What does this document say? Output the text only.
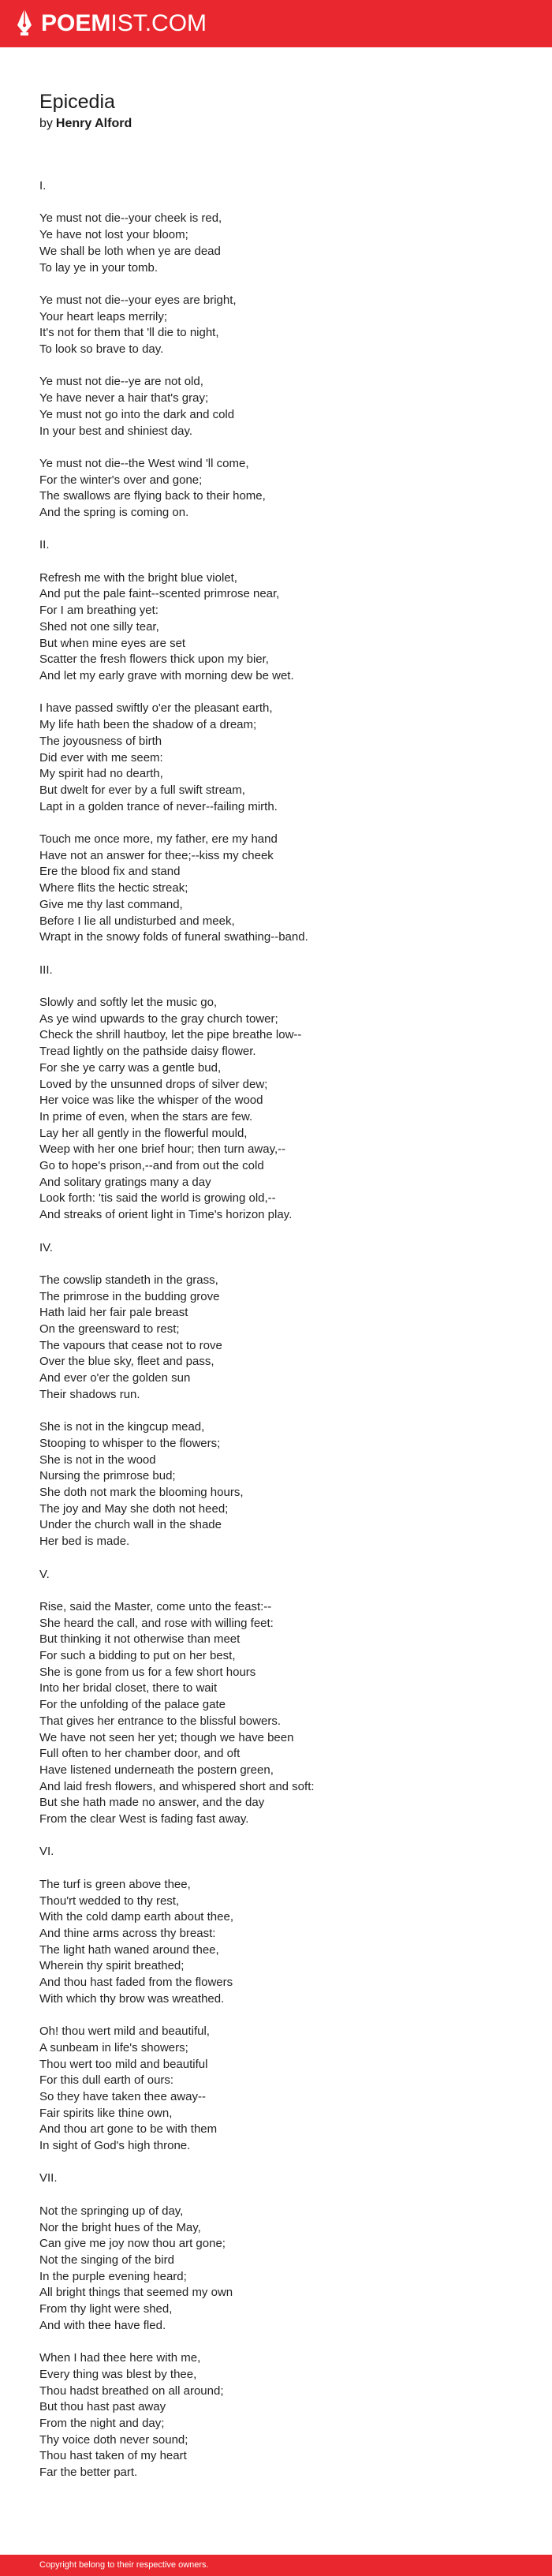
POEMIST.COM
Epicedia
by Henry Alford
I.
Ye must not die--your cheek is red,
Ye have not lost your bloom;
We shall be loth when ye are dead
To lay ye in your tomb.
Ye must not die--your eyes are bright,
Your heart leaps merrily;
It's not for them that 'll die to night,
To look so brave to day.
Ye must not die--ye are not old,
Ye have never a hair that's gray;
Ye must not go into the dark and cold
In your best and shiniest day.
Ye must not die--the West wind 'll come,
For the winter's over and gone;
The swallows are flying back to their home,
And the spring is coming on.
II.
Refresh me with the bright blue violet,
And put the pale faint--scented primrose near,
For I am breathing yet:
Shed not one silly tear,
But when mine eyes are set
Scatter the fresh flowers thick upon my bier,
And let my early grave with morning dew be wet.
I have passed swiftly o'er the pleasant earth,
My life hath been the shadow of a dream;
The joyousness of birth
Did ever with me seem:
My spirit had no dearth,
But dwelt for ever by a full swift stream,
Lapt in a golden trance of never--failing mirth.
Touch me once more, my father, ere my hand
Have not an answer for thee;--kiss my cheek
Ere the blood fix and stand
Where flits the hectic streak;
Give me thy last command,
Before I lie all undisturbed and meek,
Wrapt in the snowy folds of funeral swathing--band.
III.
Slowly and softly let the music go,
As ye wind upwards to the gray church tower;
Check the shrill hautboy, let the pipe breathe low--
Tread lightly on the pathside daisy flower.
For she ye carry was a gentle bud,
Loved by the unsunned drops of silver dew;
Her voice was like the whisper of the wood
In prime of even, when the stars are few.
Lay her all gently in the flowerful mould,
Weep with her one brief hour; then turn away,--
Go to hope's prison,--and from out the cold
And solitary gratings many a day
Look forth: 'tis said the world is growing old,--
And streaks of orient light in Time's horizon play.
IV.
The cowslip standeth in the grass,
The primrose in the budding grove
Hath laid her fair pale breast
On the greensward to rest;
The vapours that cease not to rove
Over the blue sky, fleet and pass,
And ever o'er the golden sun
Their shadows run.
She is not in the kingcup mead,
Stooping to whisper to the flowers;
She is not in the wood
Nursing the primrose bud;
She doth not mark the blooming hours,
The joy and May she doth not heed;
Under the church wall in the shade
Her bed is made.
V.
Rise, said the Master, come unto the feast:--
She heard the call, and rose with willing feet:
But thinking it not otherwise than meet
For such a bidding to put on her best,
She is gone from us for a few short hours
Into her bridal closet, there to wait
For the unfolding of the palace gate
That gives her entrance to the blissful bowers.
We have not seen her yet; though we have been
Full often to her chamber door, and oft
Have listened underneath the postern green,
And laid fresh flowers, and whispered short and soft:
But she hath made no answer, and the day
From the clear West is fading fast away.
VI.
The turf is green above thee,
Thou'rt wedded to thy rest,
With the cold damp earth about thee,
And thine arms across thy breast:
The light hath waned around thee,
Wherein thy spirit breathed;
And thou hast faded from the flowers
With which thy brow was wreathed.
Oh! thou wert mild and beautiful,
A sunbeam in life's showers;
Thou wert too mild and beautiful
For this dull earth of ours:
So they have taken thee away--
Fair spirits like thine own,
And thou art gone to be with them
In sight of God's high throne.
VII.
Not the springing up of day,
Nor the bright hues of the May,
Can give me joy now thou art gone;
Not the singing of the bird
In the purple evening heard;
All bright things that seemed my own
From thy light were shed,
And with thee have fled.
When I had thee here with me,
Every thing was blest by thee,
Thou hadst breathed on all around;
But thou hast past away
From the night and day;
Thy voice doth never sound;
Thou hast taken of my heart
Far the better part.
Copyright belong to their respective owners.
